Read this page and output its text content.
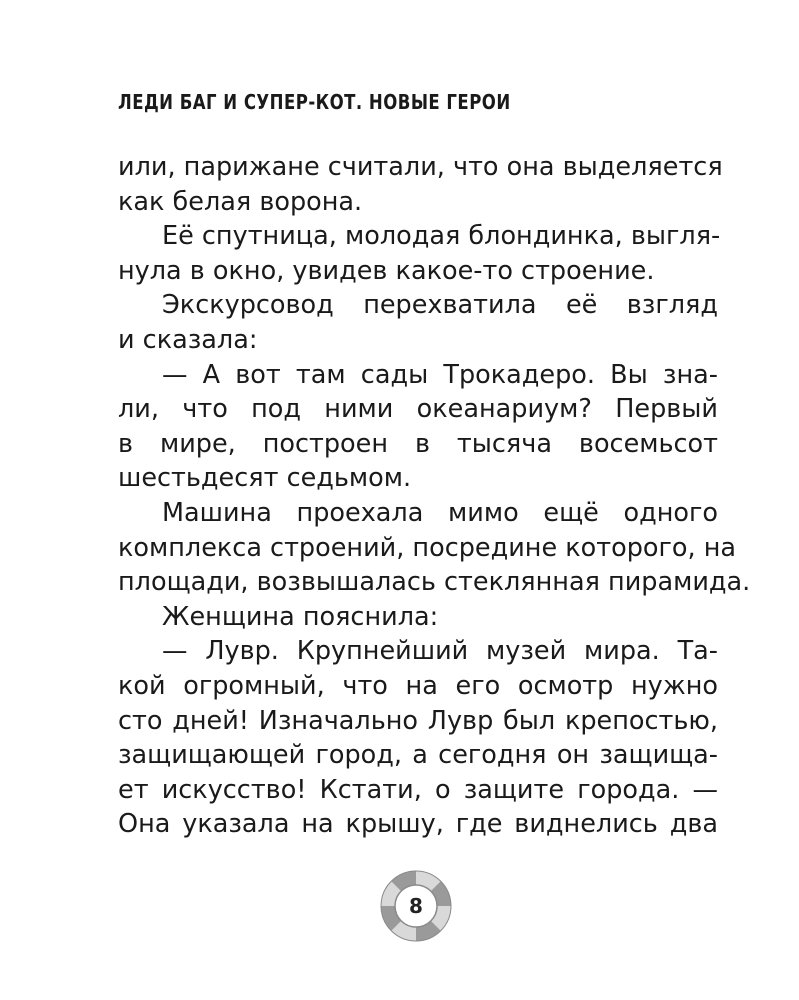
ЛЕДИ БАГ И СУПЕР-КОТ. НОВЫЕ ГЕРОИ
или, парижане считали, что она выделяется
как белая ворона.
Её спутница, молодая блондинка, выгля-
нула в окно, увидев какое-то строение.
Экскурсовод перехватила её взгляд
и сказала:
— А вот там сады Трокадеро. Вы зна-
ли, что под ними океанариум? Первый
в мире, построен в тысяча восемьсот
шестьдесят седьмом.
Машина проехала мимо ещё одного
комплекса строений, посредине которого, на
площади, возвышалась стеклянная пирамида.
Женщина пояснила:
— Лувр. Крупнейший музей мира. Та-
кой огромный, что на его осмотр нужно
сто дней! Изначально Лувр был крепостью,
защищающей город, а сегодня он защища-
ет искусство! Кстати, о защите города. —
Она указала на крышу, где виднелись два
8
